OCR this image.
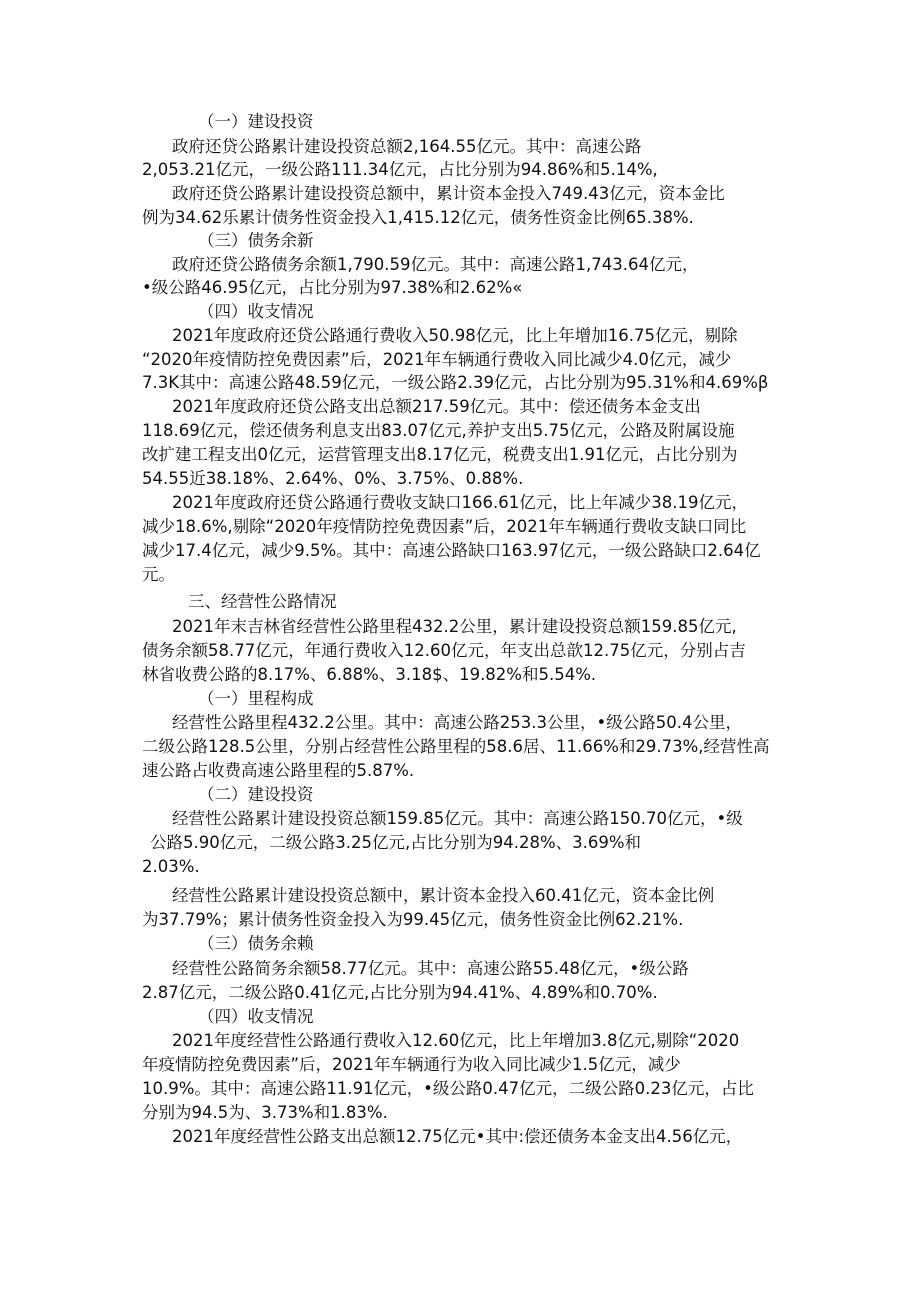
（一）建设投资
政府还贷公路累计建设投资总额2,164.55亿元。其中：高速公路
2,053.21亿元，一级公路111.34亿元，占比分别为94.86%和5.14%,
政府还贷公路累计建设投资总额中，累计资本金投入749.43亿元，资本金比
例为34.62乐累计债务性资金投入1,415.12亿元，债务性资金比例65.38%.
（三）债务余新
政府还贷公路债务余额1,790.59亿元。其中：高速公路1,743.64亿元，
•级公路46.95亿元，占比分别为97.38%和2.62%«
（四）收支情况
2021年度政府还贷公路通行费收入50.98亿元，比上年增加16.75亿元，剔除
“2020年疫情防控免费因素”后，2021年车辆通行费收入同比减少4.0亿元，减少
7.3K其中：高速公路48.59亿元，一级公路2.39亿元，占比分别为95.31%和4.69%β
2021年度政府还贷公路支出总额217.59亿元。其中：偿还债务本金支出
118.69亿元，偿还债务利息支出83.07亿元,养护支出5.75亿元，公路及附属设施
改扩建工程支出0亿元，运营管理支出8.17亿元，税费支出1.91亿元，占比分别为
54.55近38.18%、2.64%、0%、3.75%、0.88%.
2021年度政府还贷公路通行费收支缺口166.61亿元，比上年减少38.19亿元，
减少18.6%,剔除“2020年疫情防控免费因素”后，2021年车辆通行费收支缺口同比
减少17.4亿元，减少9.5%。其中：高速公路缺口163.97亿元，一级公路缺口2.64亿
元。
三、经营性公路情况
2021年末吉林省经营性公路里程432.2公里，累计建设投资总额159.85亿元,
债务余额58.77亿元，年通行费收入12.60亿元，年支出总歆12.75亿元，分别占吉
林省收费公路的8.17%、6.88%、3.18$、19.82%和5.54%.
（一）里程构成
经营性公路里程432.2公里。其中：高速公路253.3公里，•级公路50.4公里，
二级公路128.5公里，分别占经营性公路里程的58.6居、11.66%和29.73%,经营性高
速公路占收费高速公路里程的5.87%.
（二）建设投资
经营性公路累计建设投资总额159.85亿元。其中：高速公路150.70亿元，•级
公路5.90亿元，二级公路3.25亿元,占比分别为94.28%、3.69%和
2.03%.
经营性公路累计建设投资总额中，累计资本金投入60.41亿元，资本金比例
为37.79%；累计债务性资金投入为99.45亿元，债务性资金比例62.21%.
（三）债务余赖
经营性公路简务余额58.77亿元。其中：高速公路55.48亿元，•级公路
2.87亿元，二级公路0.41亿元,占比分别为94.41%、4.89%和0.70%.
（四）收支情况
2021年度经营性公路通行费收入12.60亿元，比上年增加3.8亿元,剔除“2020
年疫情防控免费因素”后，2021年车辆通行为收入同比减少1.5亿元，减少
10.9%。其中：高速公路11.91亿元，•级公路0.47亿元，二级公路0.23亿元，占比
分别为94.5为、3.73%和1.83%.
2021年度经营性公路支出总额12.75亿元•其中:偿还债务本金支出4.56亿元，
